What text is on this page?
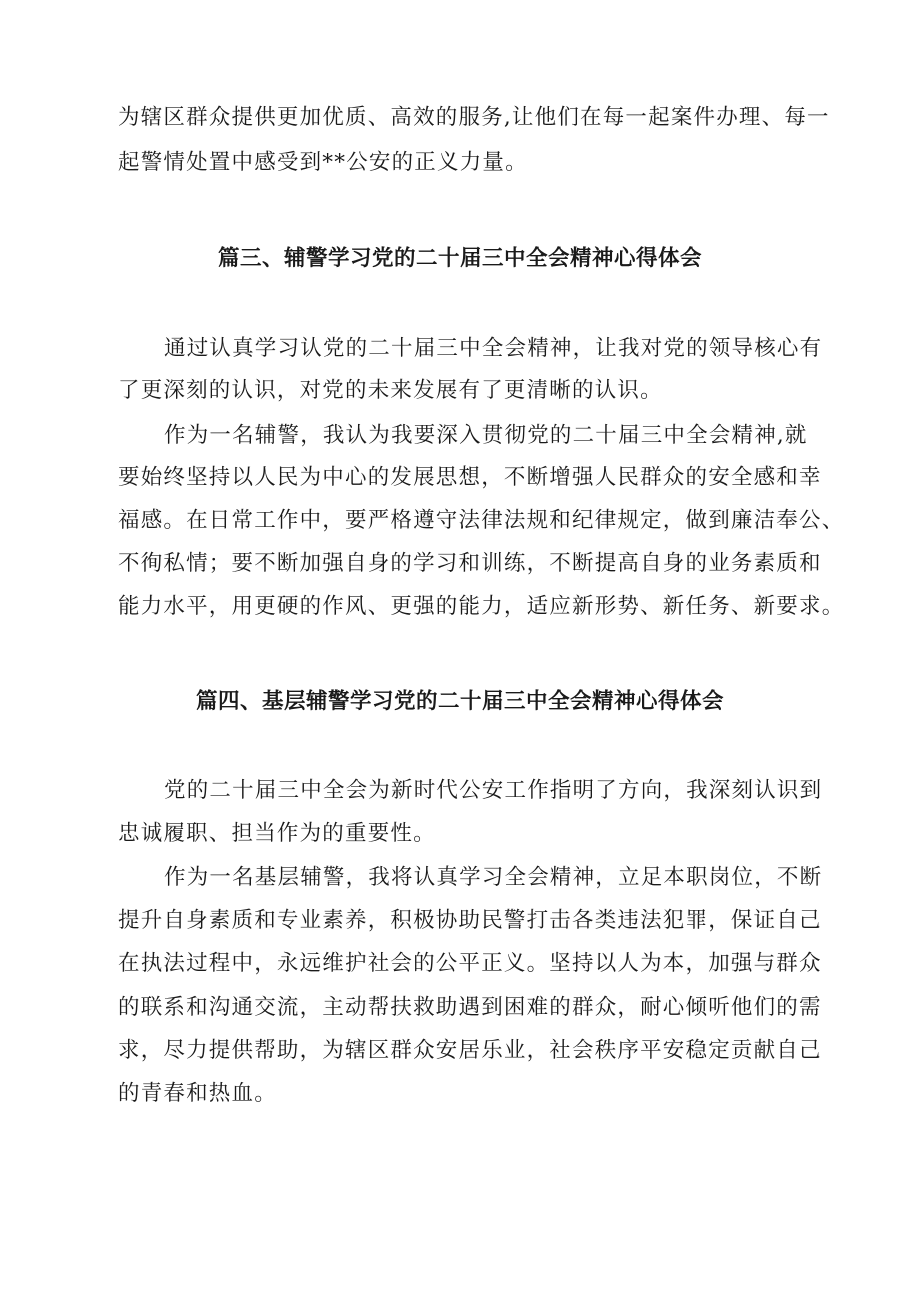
为辖区群众提供更加优质、高效的服务,让他们在每一起案件办理、每一
起警情处置中感受到**公安的正义力量。
篇三、辅警学习党的二十届三中全会精神心得体会
通过认真学习认党的二十届三中全会精神，让我对党的领导核心有
了更深刻的认识，对党的未来发展有了更清晰的认识。
作为一名辅警，我认为我要深入贯彻党的二十届三中全会精神,就
要始终坚持以人民为中心的发展思想，不断增强人民群众的安全感和幸
福感。在日常工作中，要严格遵守法律法规和纪律规定，做到廉洁奉公、
不徇私情；要不断加强自身的学习和训练，不断提高自身的业务素质和
能力水平，用更硬的作风、更强的能力，适应新形势、新任务、新要求。
篇四、基层辅警学习党的二十届三中全会精神心得体会
党的二十届三中全会为新时代公安工作指明了方向，我深刻认识到
忠诚履职、担当作为的重要性。
作为一名基层辅警，我将认真学习全会精神，立足本职岗位，不断
提升自身素质和专业素养，积极协助民警打击各类违法犯罪，保证自己
在执法过程中，永远维护社会的公平正义。坚持以人为本，加强与群众
的联系和沟通交流，主动帮扶救助遇到困难的群众，耐心倾听他们的需
求，尽力提供帮助，为辖区群众安居乐业，社会秩序平安稳定贡献自己
的青春和热血。
